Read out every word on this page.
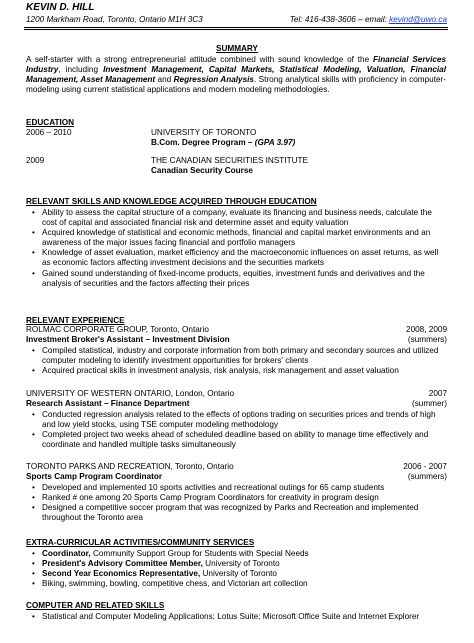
KEVIN D. HILL
1200 Markham Road, Toronto, Ontario M1H 3C3	Tel: 416-438-3606 – email: kevind@uwo.ca
SUMMARY
A self-starter with a strong entrepreneurial attitude combined with sound knowledge of the Financial Services Industry, including Investment Management, Capital Markets, Statistical Modeling, Valuation, Financial Management, Asset Management and Regression Analysis. Strong analytical skills with proficiency in computer-modeling using current statistical applications and modern modeling methodologies.
EDUCATION
2006 – 2010	UNIVERSITY OF TORONTO
B.Com. Degree Program – (GPA 3.97)
2009	THE CANADIAN SECURITIES INSTITUTE
Canadian Security Course
RELEVANT SKILLS AND KNOWLEDGE ACQUIRED THROUGH EDUCATION
• Ability to assess the capital structure of a company, evaluate its financing and business needs, calculate the cost of capital and associated financial risk and determine asset and equity valuation
• Acquired knowledge of statistical and economic methods, financial and capital market environments and an awareness of the major issues facing financial and portfolio managers
• Knowledge of asset evaluation, market efficiency and the macroeconomic influences on asset returns, as well as economic factors affecting investment decisions and the securities markets
• Gained sound understanding of fixed-income products, equities, investment funds and derivatives and the analysis of securities and the factors affecting their prices
RELEVANT EXPERIENCE
ROLMAC CORPORATE GROUP, Toronto, Ontario	2008, 2009
Investment Broker's Assistant – Investment Division	(summers)
• Compiled statistical, industry and corporate information from both primary and secondary sources and utilized computer modeling to identify investment opportunities for brokers' clients
• Acquired practical skills in investment analysis, risk analysis, risk management and asset valuation
UNIVERSITY OF WESTERN ONTARIO, London, Ontario	2007
Research Assistant – Finance Department	(summer)
• Conducted regression analysis related to the effects of options trading on securities prices and trends of high and low yield stocks, using TSE computer modeling methodology
• Completed project two weeks ahead of scheduled deadline based on ability to manage time effectively and coordinate and handled multiple tasks simultaneously
TORONTO PARKS AND RECREATION, Toronto, Ontario	2006 - 2007
Sports Camp Program Coordinator	(summers)
• Developed and implemented 10 sports activities and recreational outings for 65 camp students
• Ranked # one among 20 Sports Camp Program Coordinators for creativity in program design
• Designed a competitive soccer program that was recognized by Parks and Recreation and implemented throughout the Toronto area
EXTRA-CURRICULAR ACTIVITIES/COMMUNITY SERVICES
• Coordinator, Community Support Group for Students with Special Needs
• President's Advisory Committee Member, University of Toronto
• Second Year Economics Representative, University of Toronto
• Biking, swimming, bowling, competitive chess, and Victorian art collection
COMPUTER AND RELATED SKILLS
• Statistical and Computer Modeling Applications; Lotus Suite; Microsoft Office Suite and Internet Explorer
